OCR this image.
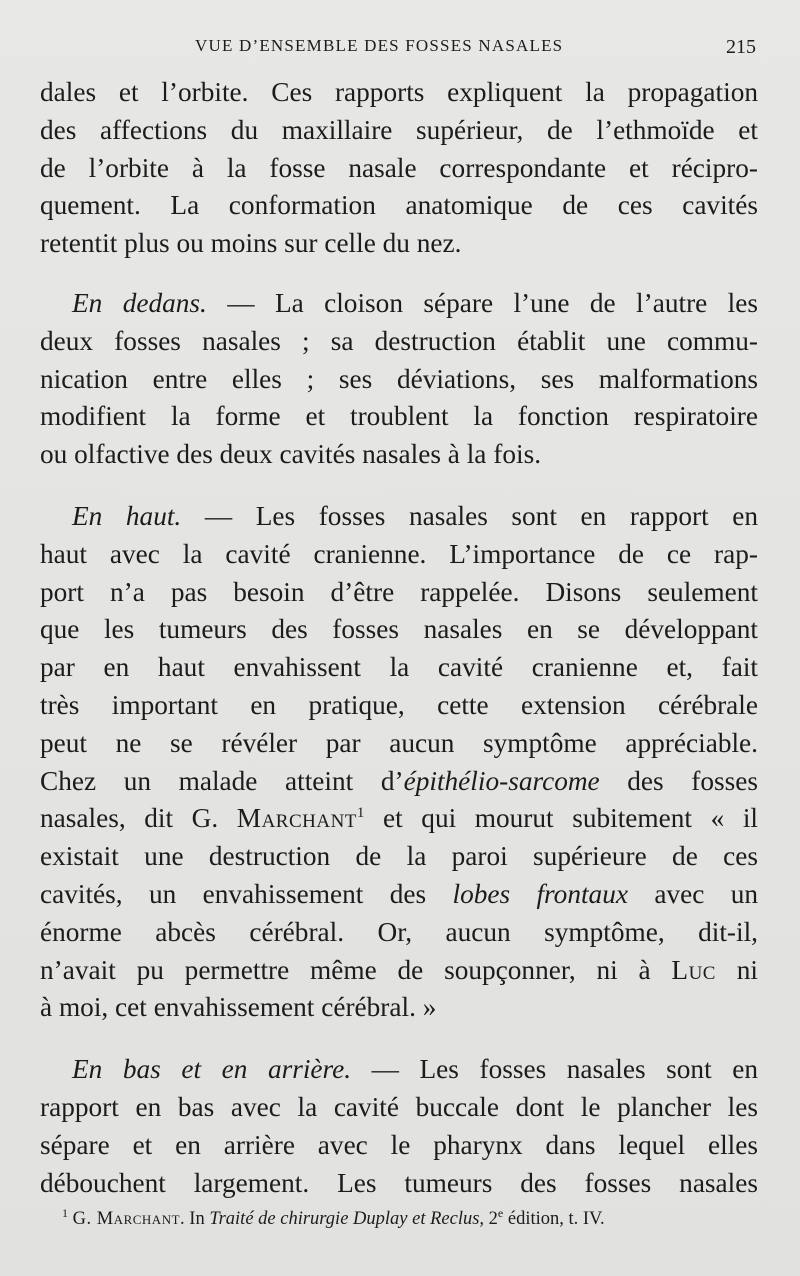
VUE D’ENSEMBLE DES FOSSES NASALES	215
dales et l’orbite. Ces rapports expliquent la propagation
des affections du maxillaire supérieur, de l’ethmoïde et
de l’orbite à la fosse nasale correspondante et récipro-
quement. La conformation anatomique de ces cavités
retentit plus ou moins sur celle du nez.
En dedans. — La cloison sépare l’une de l’autre les
deux fosses nasales ; sa destruction établit une commu-
nication entre elles ; ses déviations, ses malformations
modifient la forme et troublent la fonction respiratoire
ou olfactive des deux cavités nasales à la fois.
En haut. — Les fosses nasales sont en rapport en
haut avec la cavité cranienne. L’importance de ce rap-
port n’a pas besoin d’être rappelée. Disons seulement
que les tumeurs des fosses nasales en se développant
par en haut envahissent la cavité cranienne et, fait
très important en pratique, cette extension cérébrale
peut ne se révéler par aucun symptôme appréciable.
Chez un malade atteint d’épithélio-sarcome des fosses
nasales, dit G. Marchant$^1$ et qui mourut subitement « il
existait une destruction de la paroi supérieure de ces
cavités, un envahissement des lobes frontaux avec un
énorme abcès cérébral. Or, aucun symptôme, dit-il,
n’avait pu permettre même de soupçonner, ni à Luc ni
à moi, cet envahissement cérébral. »
En bas et en arrière. — Les fosses nasales sont en
rapport en bas avec la cavité buccale dont le plancher les
sépare et en arrière avec le pharynx dans lequel elles
débouchent largement. Les tumeurs des fosses nasales
$^1$ G. Marchant. In Traité de chirurgie Duplay et Reclus, 2e édition, t. IV.
